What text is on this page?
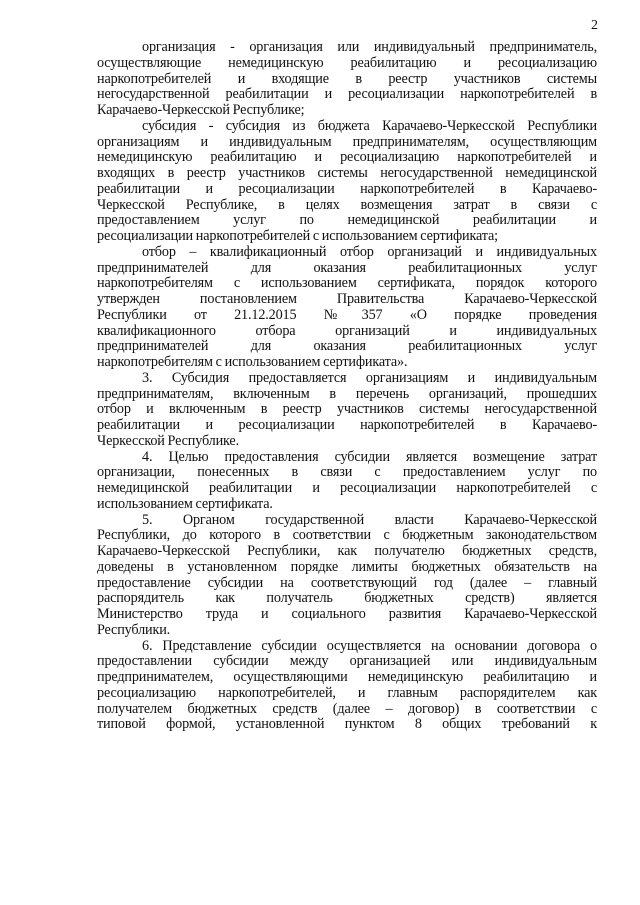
2
организация - организация или индивидуальный предприниматель,
осуществляющие немедицинскую реабилитацию и ресоциализацию
наркопотребителей и входящие в реестр участников системы
негосударственной реабилитации и ресоциализации наркопотребителей в
Карачаево-Черкесской Республике;
субсидия - субсидия из бюджета Карачаево-Черкесской Республики
организациям и индивидуальным предпринимателям, осуществляющим
немедицинскую реабилитацию и ресоциализацию наркопотребителей и
входящих в реестр участников системы негосударственной немедицинской
реабилитации и ресоциализации наркопотребителей в Карачаево-
Черкесской Республике, в целях возмещения затрат в связи с
предоставлением услуг по немедицинской реабилитации и
ресоциализации наркопотребителей с использованием сертификата;
отбор – квалификационный отбор организаций и индивидуальных
предпринимателей для оказания реабилитационных услуг
наркопотребителям с использованием сертификата, порядок которого
утвержден постановлением Правительства Карачаево-Черкесской
Республики от 21.12.2015 №357 «О порядке проведения
квалификационного отбора организаций и индивидуальных
предпринимателей для оказания реабилитационных услуг
наркопотребителям с использованием сертификата».
3. Субсидия предоставляется организациям и индивидуальным
предпринимателям, включенным в перечень организаций, прошедших
отбор и включенным в реестр участников системы негосударственной
реабилитации и ресоциализации наркопотребителей в Карачаево-
Черкесской Республике.
4. Целью предоставления субсидии является возмещение затрат
организации, понесенных в связи с предоставлением услуг по
немедицинской реабилитации и ресоциализации наркопотребителей с
использованием сертификата.
5. Органом государственной власти Карачаево-Черкесской
Республики, до которого в соответствии с бюджетным законодательством
Карачаево-Черкесской Республики, как получателю бюджетных средств,
доведены в установленном порядке лимиты бюджетных обязательств на
предоставление субсидии на соответствующий год (далее – главный
распорядитель как получатель бюджетных средств) является
Министерство труда и социального развития Карачаево-Черкесской
Республики.
6. Представление субсидии осуществляется на основании договора о
предоставлении субсидии между организацией или индивидуальным
предпринимателем, осуществляющими немедицинскую реабилитацию и
ресоциализацию наркопотребителей, и главным распорядителем как
получателем бюджетных средств (далее – договор) в соответствии с
типовой формой, установленной пунктом 8 общих требований к
